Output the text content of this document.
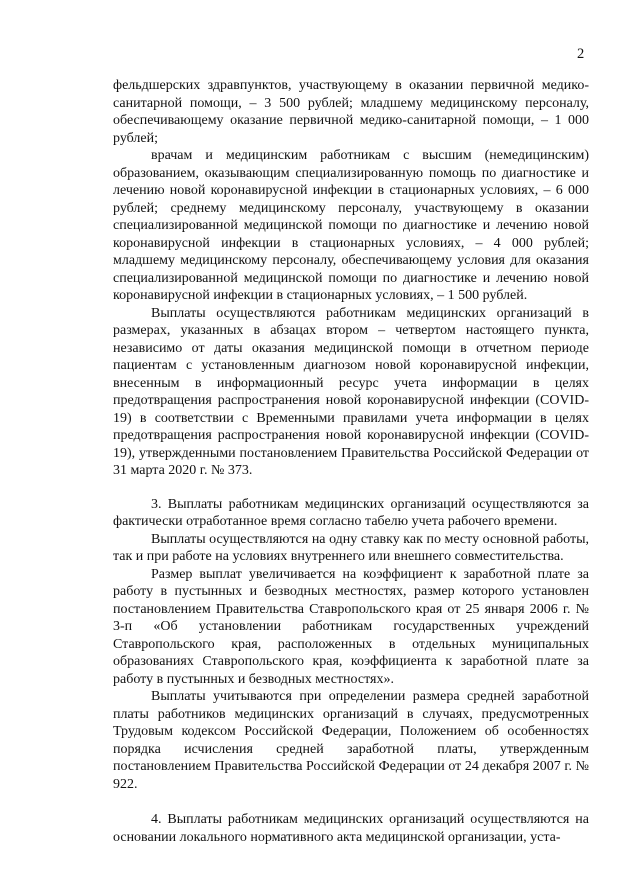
2

фельдшерских здравпунктов, участвующему в оказании первичной медико-санитарной помощи, – 3 500 рублей; младшему медицинскому персоналу, обеспечивающему оказание первичной медико-санитарной помощи, – 1 000 рублей;

врачам и медицинским работникам с высшим (немедицинским) образованием, оказывающим специализированную помощь по диагностике и лечению новой коронавирусной инфекции в стационарных условиях, – 6 000 рублей; среднему медицинскому персоналу, участвующему в оказании специализированной медицинской помощи по диагностике и лечению новой коронавирусной инфекции в стационарных условиях, – 4 000 рублей; младшему медицинскому персоналу, обеспечивающему условия для оказания специализированной медицинской помощи по диагностике и лечению новой коронавирусной инфекции в стационарных условиях, – 1 500 рублей.

Выплаты осуществляются работникам медицинских организаций в размерах, указанных в абзацах втором – четвертом настоящего пункта, независимо от даты оказания медицинской помощи в отчетном периоде пациентам с установленным диагнозом новой коронавирусной инфекции, внесенным в информационный ресурс учета информации в целях предотвращения распространения новой коронавирусной инфекции (COVID-19) в соответствии с Временными правилами учета информации в целях предотвращения распространения новой коронавирусной инфекции (COVID-19), утвержденными постановлением Правительства Российской Федерации от 31 марта 2020 г. № 373.

3. Выплаты работникам медицинских организаций осуществляются за фактически отработанное время согласно табелю учета рабочего времени.

Выплаты осуществляются на одну ставку как по месту основной работы, так и при работе на условиях внутреннего или внешнего совместительства.

Размер выплат увеличивается на коэффициент к заработной плате за работу в пустынных и безводных местностях, размер которого установлен постановлением Правительства Ставропольского края от 25 января 2006 г. № 3-п «Об установлении работникам государственных учреждений Ставропольского края, расположенных в отдельных муниципальных образованиях Ставропольского края, коэффициента к заработной плате за работу в пустынных и безводных местностях».

Выплаты учитываются при определении размера средней заработной платы работников медицинских организаций в случаях, предусмотренных Трудовым кодексом Российской Федерации, Положением об особенностях порядка исчисления средней заработной платы, утвержденным постановлением Правительства Российской Федерации от 24 декабря 2007 г. № 922.

4. Выплаты работникам медицинских организаций осуществляются на основании локального нормативного акта медицинской организации, уста-
